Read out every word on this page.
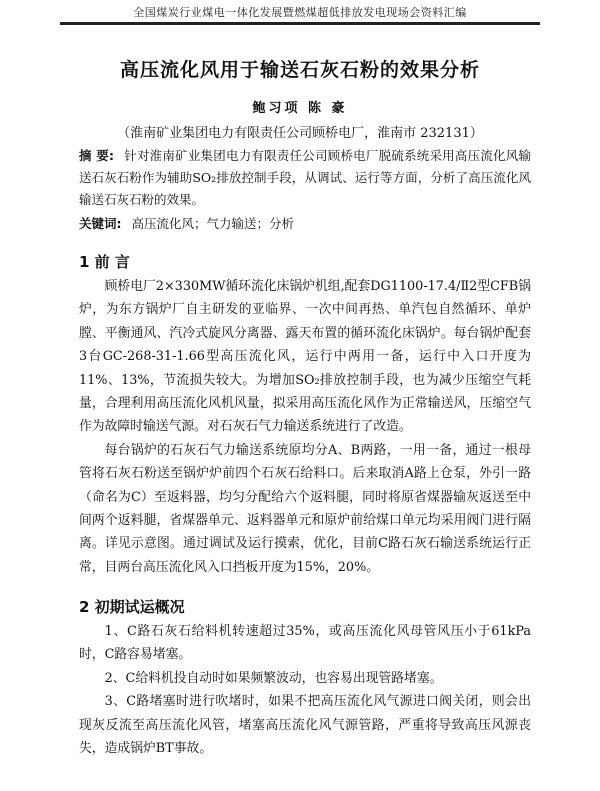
全国煤炭行业煤电一体化发展暨燃煤超低排放发电现场会资料汇编
高压流化风用于输送石灰石粉的效果分析
鲍习项 陈 豪
（淮南矿业集团电力有限责任公司顾桥电厂，淮南市 232131）
摘 要: 针对淮南矿业集团电力有限责任公司顾桥电厂脱硫系统采用高压流化风输送石灰石粉作为辅助SO₂排放控制手段，从调试、运行等方面，分析了高压流化风输送石灰石粉的效果。
关键词: 高压流化风；气力输送；分析
1 前 言

顾桥电厂2×330MW循环流化床锅炉机组,配套DG1100-17.4/Ⅱ2型CFB锅炉，为东方锅炉厂自主研发的亚临界、一次中间再热、单汽包自然循环、单炉膛、平衡通风、汽冷式旋风分离器、露天布置的循环流化床锅炉。每台锅炉配套3台GC-268-31-1.66型高压流化风，运行中两用一备，运行中入口开度为11%、13%，节流损失较大。为增加SO₂排放控制手段，也为减少压缩空气耗量，合理利用高压流化风机风量，拟采用高压流化风作为正常输送风，压缩空气作为故障时输送气源。对石灰石气力输送系统进行了改造。

每台锅炉的石灰石气力输送系统原均分A、B两路，一用一备，通过一根母管将石灰石粉送至锅炉炉前四个石灰石给料口。后来取消A路上仓泵，外引一路（命名为C）至返料器，均匀分配给六个返料腿，同时将原省煤器输灰返送至中间两个返料腿，省煤器单元、返料器单元和原炉前给煤口单元均采用阀门进行隔离。详见示意图。通过调试及运行摸索，优化，目前C路石灰石输送系统运行正常，目两台高压流化风入口挡板开度为15%，20%。

2 初期试运概况

1、C路石灰石给料机转速超过35%，或高压流化风母管风压小于61kPa时，C路容易堵塞。

2、C给料机投自动时如果频繁波动，也容易出现管路堵塞。

3、C路堵塞时进行吹堵时，如果不把高压流化风气源进口阀关闭，则会出现灰反流至高压流化风管，堵塞高压流化风气源管路，严重将导致高压风源丧失，造成锅炉BT事故。
